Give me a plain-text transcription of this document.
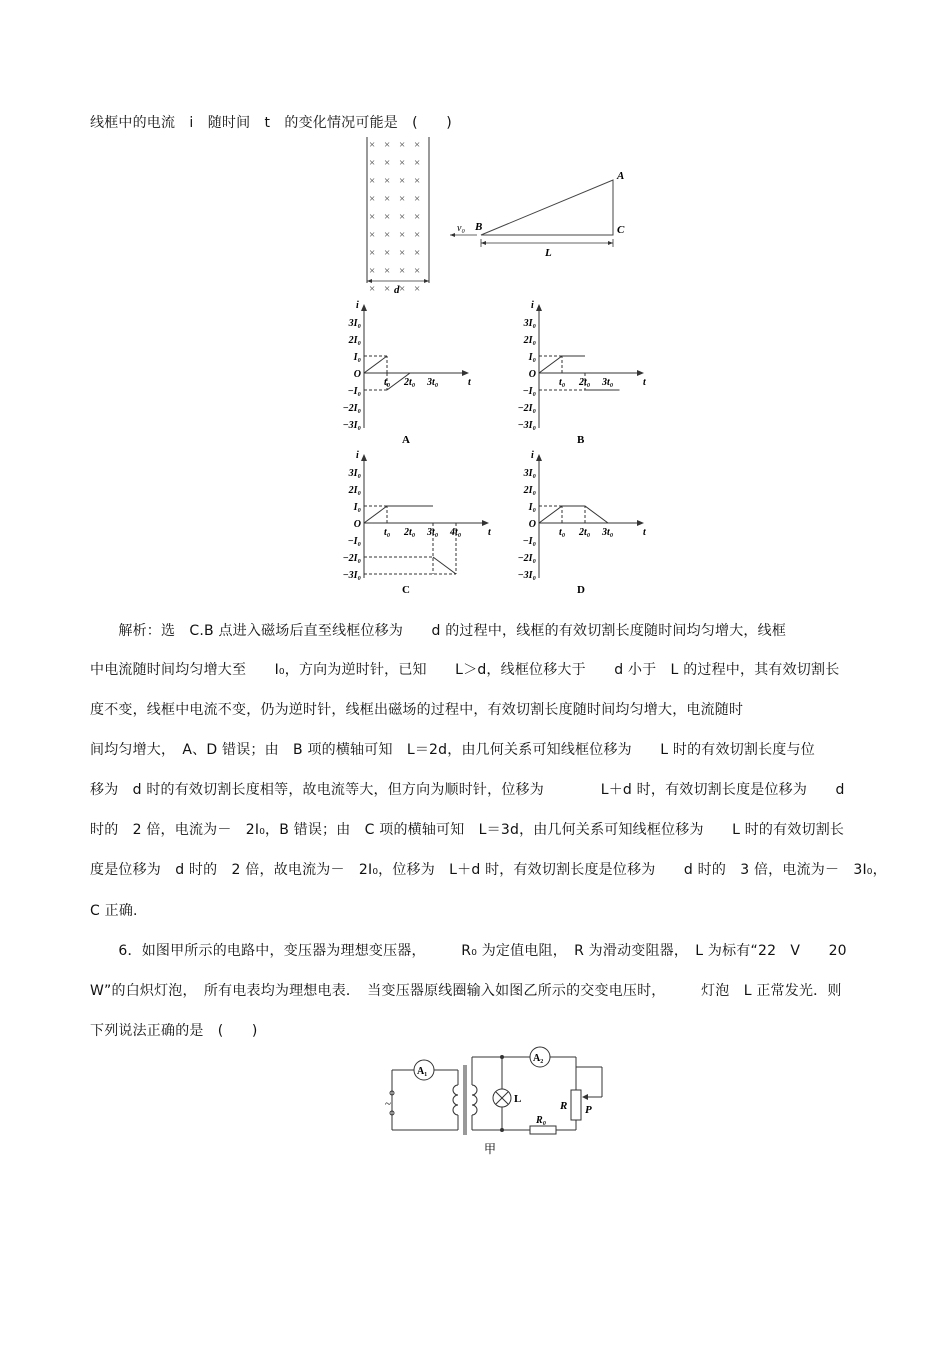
线框中的电流　i　随时间　t　的变化情况可能是　(　　)
× × × ×
× × × ×
× × × ×
× × × ×
× × × ×
× × × ×
× × × ×
× × × ×
× × × ×
d
v₀ B
A
C
L
3I₀
2I₀
I₀
O
−I₀
−2I₀
−3I₀
i
t
t₀ 2t₀ 3t₀
A
3I₀
2I₀
I₀
O
−I₀
−2I₀
−3I₀
i
t
t₀ 2t₀ 3t₀
B
3I₀
2I₀
I₀
O
−I₀
−2I₀
−3I₀
i
t
t₀ 2t₀ 3t₀ 4t₀
C
3I₀
2I₀
I₀
O
−I₀
−2I₀
−3I₀
i
t
t₀ 2t₀ 3t₀
D
　　解析：选　C.B 点进入磁场后直至线框位移为　　d 的过程中，线框的有效切割长度随时间均匀增大，线框
中电流随时间均匀增大至　　I₀，方向为逆时针，已知　　L＞d，线框位移大于　　d 小于　L 的过程中，其有效切割长
度不变，线框中电流不变，仍为逆时针，线框出磁场的过程中，有效切割长度随时间均匀增大，电流随时
间均匀增大，　A、D 错误；由　B 项的横轴可知　L＝2d，由几何关系可知线框位移为　　L 时的有效切割长度与位
移为　d 时的有效切割长度相等，故电流等大，但方向为顺时针，位移为　　　　L＋d 时，有效切割长度是位移为　　d
时的　2 倍，电流为－　2I₀，B 错误；由　C 项的横轴可知　L＝3d，由几何关系可知线框位移为　　L 时的有效切割长
度是位移为　d 时的　2 倍，故电流为－　2I₀，位移为　L＋d 时，有效切割长度是位移为　　d 时的　3 倍，电流为－　3I₀，
C 正确.
　　6．如图甲所示的电路中，变压器为理想变压器，　　　R₀ 为定值电阻，　R 为滑动变阻器，　L 为标有“22　V　　20
W”的白炽灯泡，　所有电表均为理想电表．　当变压器原线圈输入如图乙所示的交变电压时，　　　灯泡　L 正常发光．则
下列说法正确的是　(　　)
~
A₁
A₂
L
R P
R₀
甲
